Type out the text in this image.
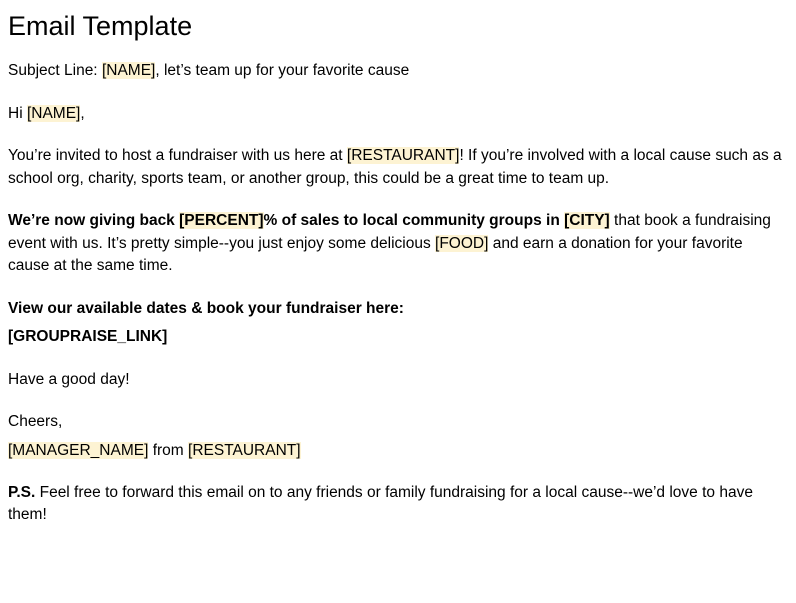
Email Template

Subject Line: [NAME], let’s team up for your favorite cause

Hi [NAME],

You’re invited to host a fundraiser with us here at [RESTAURANT]! If you’re involved with a local cause such as a school org, charity, sports team, or another group, this could be a great time to team up.

We’re now giving back [PERCENT]% of sales to local community groups in [CITY] that book a fundraising event with us. It’s pretty simple--you just enjoy some delicious [FOOD] and earn a donation for your favorite cause at the same time.

View our available dates & book your fundraiser here:

[GROUPRAISE_LINK]

Have a good day!

Cheers,

[MANAGER_NAME] from [RESTAURANT]

P.S. Feel free to forward this email on to any friends or family fundraising for a local cause--we’d love to have them!
